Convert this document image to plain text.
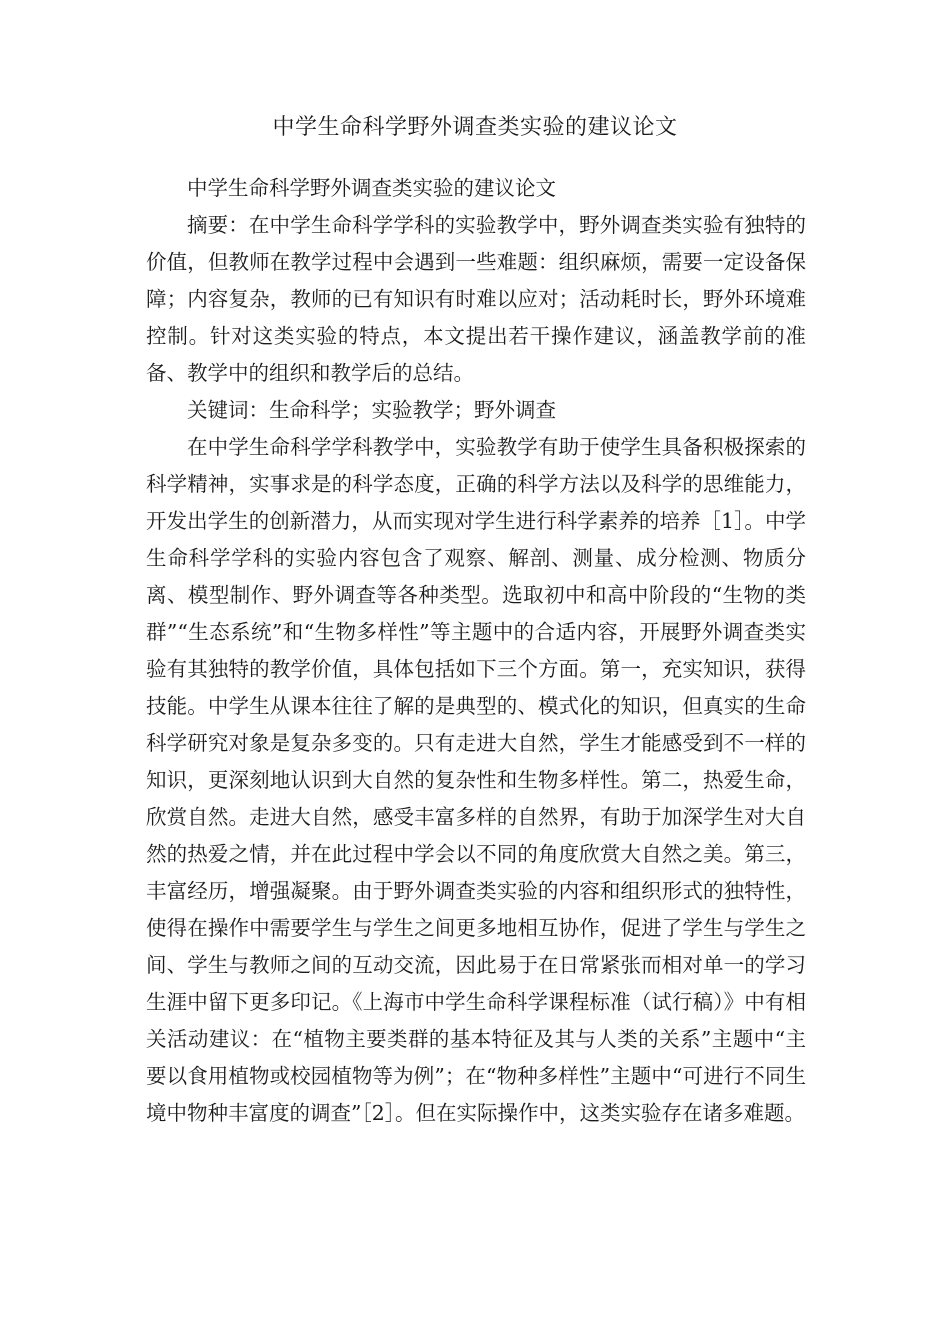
中学生命科学野外调查类实验的建议论文

中学生命科学野外调查类实验的建议论文

摘要：在中学生命科学学科的实验教学中，野外调查类实验有独特的价值，但教师在教学过程中会遇到一些难题：组织麻烦，需要一定设备保障；内容复杂，教师的已有知识有时难以应对；活动耗时长，野外环境难控制。针对这类实验的特点，本文提出若干操作建议，涵盖教学前的准备、教学中的组织和教学后的总结。

关键词：生命科学；实验教学；野外调查

在中学生命科学学科教学中，实验教学有助于使学生具备积极探索的科学精神，实事求是的科学态度，正确的科学方法以及科学的思维能力，开发出学生的创新潜力，从而实现对学生进行科学素养的培养［1］。中学生命科学学科的实验内容包含了观察、解剖、测量、成分检测、物质分离、模型制作、野外调查等各种类型。选取初中和高中阶段的“生物的类群”“生态系统”和“生物多样性”等主题中的合适内容，开展野外调查类实验有其独特的教学价值，具体包括如下三个方面。第一，充实知识，获得技能。中学生从课本往往了解的是典型的、模式化的知识，但真实的生命科学研究对象是复杂多变的。只有走进大自然，学生才能感受到不一样的知识，更深刻地认识到大自然的复杂性和生物多样性。第二，热爱生命，欣赏自然。走进大自然，感受丰富多样的自然界，有助于加深学生对大自然的热爱之情，并在此过程中学会以不同的角度欣赏大自然之美。第三，丰富经历，增强凝聚。由于野外调查类实验的内容和组织形式的独特性，使得在操作中需要学生与学生之间更多地相互协作，促进了学生与学生之间、学生与教师之间的互动交流，因此易于在日常紧张而相对单一的学习生涯中留下更多印记。《上海市中学生命科学课程标准（试行稿）》中有相关活动建议：在“植物主要类群的基本特征及其与人类的关系”主题中“主要以食用植物或校园植物等为例”；在“物种多样性”主题中“可进行不同生境中物种丰富度的调查”［2］。但在实际操作中，这类实验存在诸多难题。
